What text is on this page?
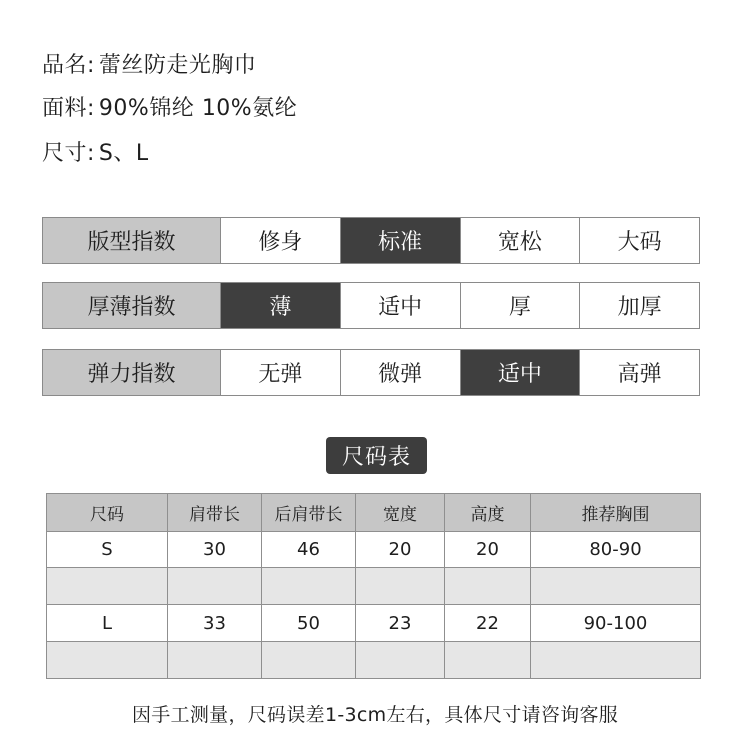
品名: 蕾丝防走光胸巾
面料: 90%锦纶 10%氨纶
尺寸: S、L
版型指数	修身	标准	宽松	大码
厚薄指数	薄	适中	厚	加厚
弹力指数	无弹	微弹	适中	高弹
尺码表
尺码	肩带长	后肩带长	宽度	高度	推荐胸围
S	30	46	20	20	80-90

L	33	50	23	22	90-100

因手工测量，尺码误差1-3cm左右，具体尺寸请咨询客服
